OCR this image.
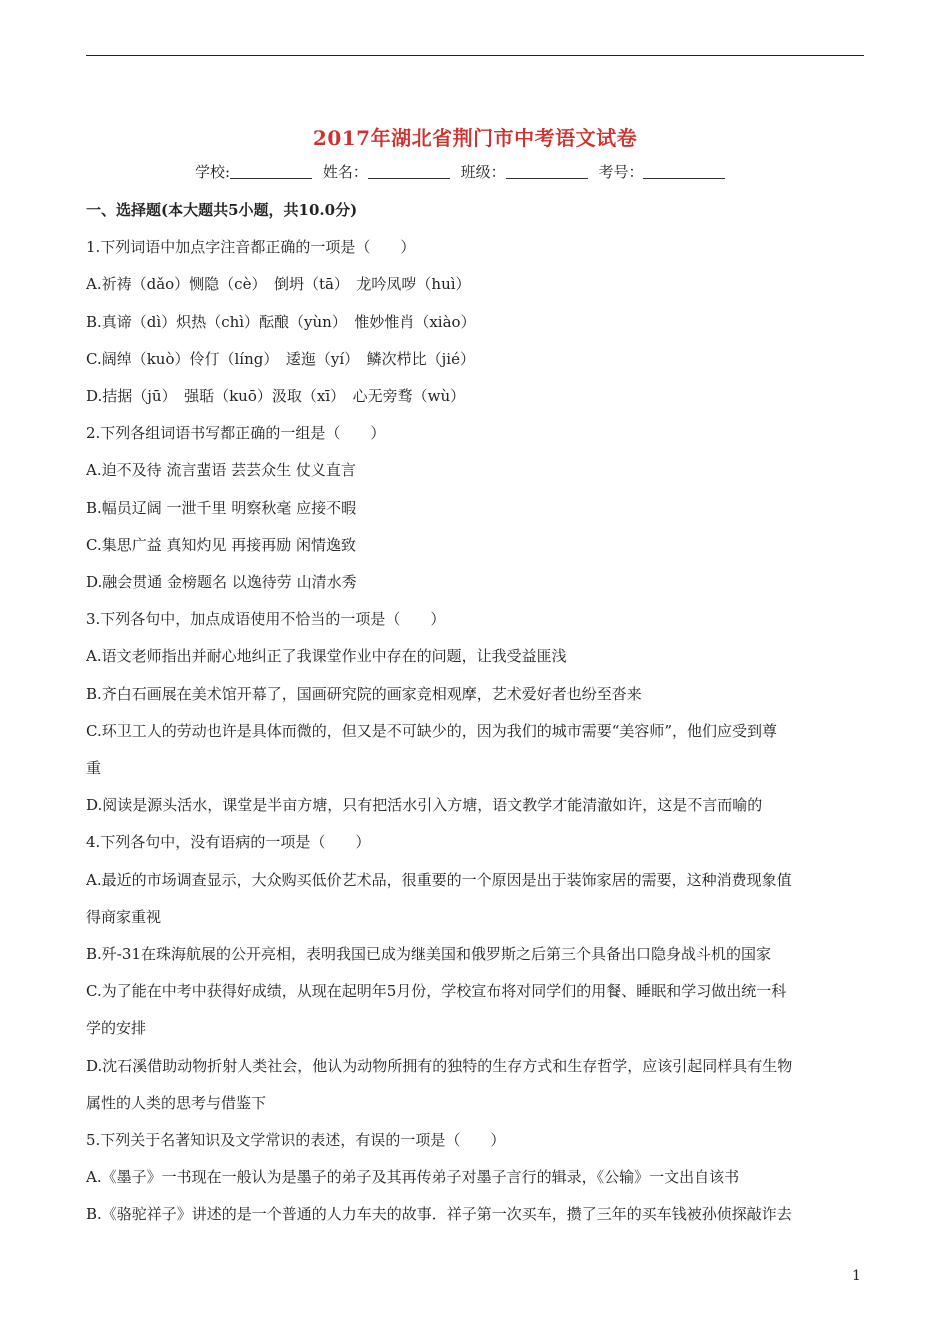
2017年湖北省荆门市中考语文试卷
学校:	姓名：	班级：	考号：
一、选择题(本大题共5小题，共10.0分)
1.下列词语中加点字注音都正确的一项是（　　）
A.祈祷（dǎo）恻隐（cè）　倒坍（tā）　龙吟凤哕（huì）
B.真谛（dì）炽热（chì）酝酿（yùn）　惟妙惟肖（xiào）
C.阔绰（kuò）伶仃（líng）　逶迤（yí）　鳞次栉比（jié）
D.拮据（jū）　强聒（kuō）汲取（xī）　心无旁骛（wù）
2.下列各组词语书写都正确的一组是（　　）
A.迫不及待 流言蜚语 芸芸众生 仗义直言
B.幅员辽阔 一泄千里 明察秋毫 应接不暇
C.集思广益 真知灼见 再接再励 闲情逸致
D.融会贯通 金榜题名 以逸待劳 山清水秀
3.下列各句中，加点成语使用不恰当的一项是（　　）
A.语文老师指出并耐心地纠正了我课堂作业中存在的问题，让我受益匪浅
B.齐白石画展在美术馆开幕了，国画研究院的画家竞相观摩，艺术爱好者也纷至沓来
C.环卫工人的劳动也许是具体而微的，但又是不可缺少的，因为我们的城市需要“美容师”，他们应受到尊
重
D.阅读是源头活水，课堂是半亩方塘，只有把活水引入方塘，语文教学才能清澈如许，这是不言而喻的
4.下列各句中，没有语病的一项是（　　）
A.最近的市场调查显示，大众购买低价艺术品，很重要的一个原因是出于装饰家居的需要，这种消费现象值
得商家重视
B.歼-31在珠海航展的公开亮相，表明我国已成为继美国和俄罗斯之后第三个具备出口隐身战斗机的国家
C.为了能在中考中获得好成绩，从现在起明年5月份，学校宣布将对同学们的用餐、睡眠和学习做出统一科
学的安排
D.沈石溪借助动物折射人类社会，他认为动物所拥有的独特的生存方式和生存哲学，应该引起同样具有生物
属性的人类的思考与借鉴下
5.下列关于名著知识及文学常识的表述，有误的一项是（　　）
A.《墨子》一书现在一般认为是墨子的弟子及其再传弟子对墨子言行的辑录，《公输》一文出自该书
B.《骆驼祥子》讲述的是一个普通的人力车夫的故事．祥子第一次买车，攒了三年的买车钱被孙侦探敲诈去
1
